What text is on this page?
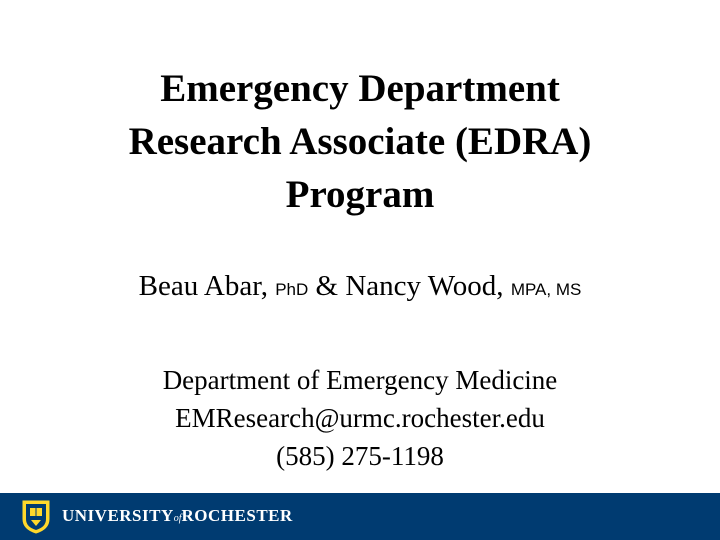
Emergency Department
Research Associate (EDRA)
Program
Beau Abar, PhD & Nancy Wood, MPA, MS
Department of Emergency Medicine
EMResearch@urmc.rochester.edu
(585) 275-1198
UNIVERSITYofROCHESTER
